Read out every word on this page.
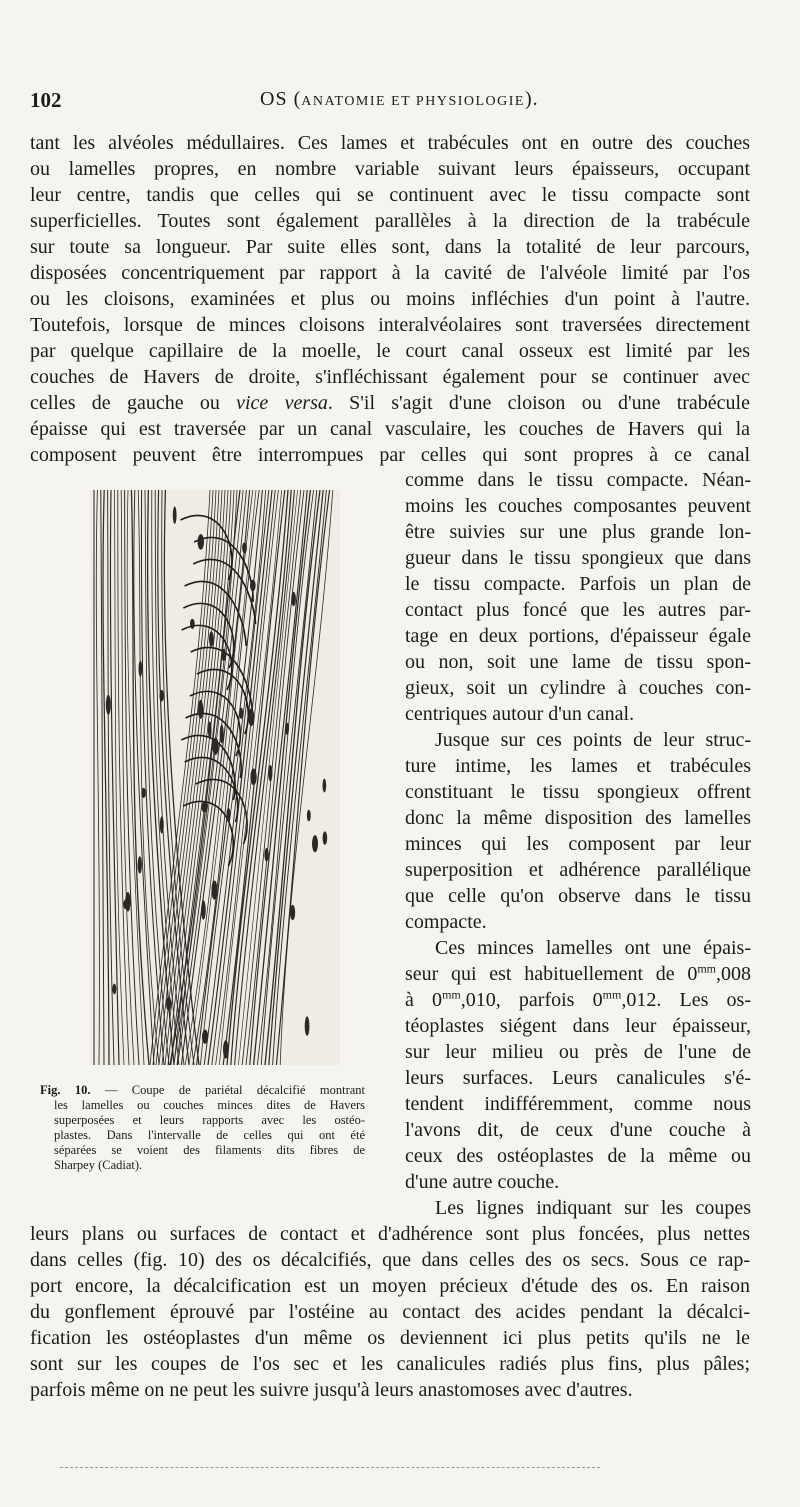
102	OS (ANATOMIE ET PHYSIOLOGIE).
tant les alvéoles médullaires. Ces lames et trabécules ont en outre des couches
ou lamelles propres, en nombre variable suivant leurs épaisseurs, occupant
leur centre, tandis que celles qui se continuent avec le tissu compacte sont
superficielles. Toutes sont également parallèles à la direction de la trabécule
sur toute sa longueur. Par suite elles sont, dans la totalité de leur parcours,
disposées concentriquement par rapport à la cavité de l'alvéole limité par l'os
ou les cloisons, examinées et plus ou moins infléchies d'un point à l'autre.
Toutefois, lorsque de minces cloisons interalvéolaires sont traversées directement
par quelque capillaire de la moelle, le court canal osseux est limité par les
couches de Havers de droite, s'infléchissant également pour se continuer avec
celles de gauche ou vice versa. S'il s'agit d'une cloison ou d'une trabécule
épaisse qui est traversée par un canal vasculaire, les couches de Havers qui la
composent peuvent être interrompues par celles qui sont propres à ce canal
comme dans le tissu compacte. Néan-
moins les couches composantes peuvent
être suivies sur une plus grande lon-
gueur dans le tissu spongieux que dans
le tissu compacte. Parfois un plan de
contact plus foncé que les autres par-
tage en deux portions, d'épaisseur égale
ou non, soit une lame de tissu spon-
gieux, soit un cylindre à couches con-
centriques autour d'un canal.
Jusque sur ces points de leur struc-
ture intime, les lames et trabécules
constituant le tissu spongieux offrent
donc la même disposition des lamelles
minces qui les composent par leur
superposition et adhérence parallélique
que celle qu'on observe dans le tissu
compacte.
Ces minces lamelles ont une épais-
seur qui est habituellement de $0^{mm},008$
à $0^{mm},010$, parfois $0^{mm},012$. Les os-
téoplastes siégent dans leur épaisseur,
sur leur milieu ou près de l'une de
leurs surfaces. Leurs canalicules s'é-
tendent indifféremment, comme nous
l'avons dit, de ceux d'une couche à
ceux des ostéoplastes de la même ou
d'une autre couche.
Les lignes indiquant sur les coupes
leurs plans ou surfaces de contact et d'adhérence sont plus foncées, plus nettes
dans celles (fig. 10) des os décalcifiés, que dans celles des os secs. Sous ce rap-
port encore, la décalcification est un moyen précieux d'étude des os. En raison
du gonflement éprouvé par l'ostéine au contact des acides pendant la décalci-
fication les ostéoplastes d'un même os deviennent ici plus petits qu'ils ne le
sont sur les coupes de l'os sec et les canalicules radiés plus fins, plus pâles;
parfois même on ne peut les suivre jusqu'à leurs anastomoses avec d'autres.
Fig. 10. — Coupe de pariétal décalcifié montrant
les lamelles ou couches minces dites de Havers
superposées et leurs rapports avec les ostéo-
plastes. Dans l'intervalle de celles qui ont été
séparées se voient des filaments dits fibres de
Sharpey (Cadiat).
